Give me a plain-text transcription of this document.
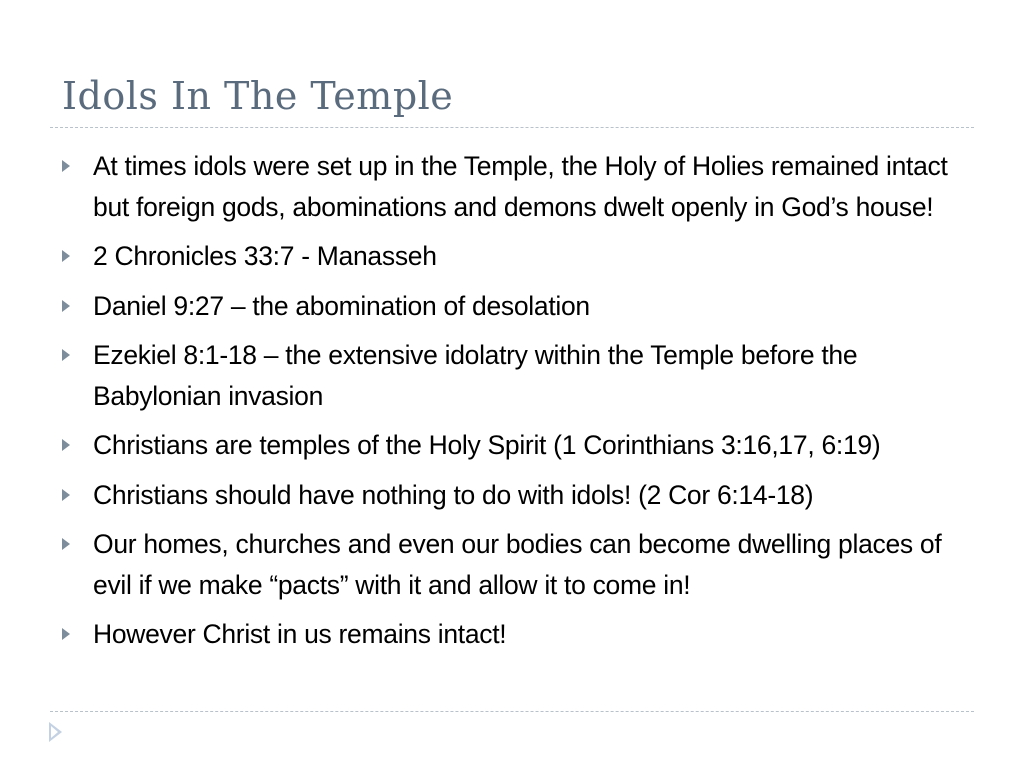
Idols In The Temple
At times idols were set up in the Temple, the Holy of Holies remained intact but foreign gods, abominations and demons dwelt openly in God’s house!
2 Chronicles 33:7 - Manasseh
Daniel 9:27 – the abomination of desolation
Ezekiel 8:1-18 – the extensive idolatry within the Temple before the Babylonian invasion
Christians are temples of the Holy Spirit (1 Corinthians 3:16,17, 6:19)
Christians should have nothing to do with idols! (2 Cor 6:14-18)
Our homes, churches and even our bodies can become dwelling places of evil if we make “pacts” with it and allow it to come in!
However Christ in us remains intact!
